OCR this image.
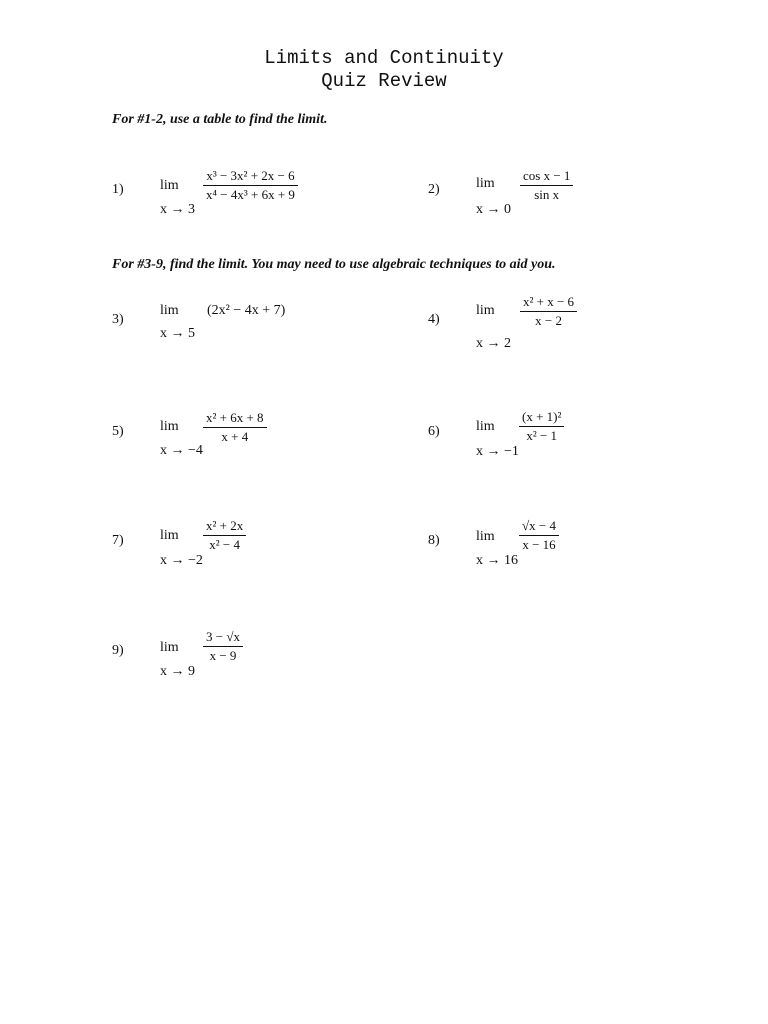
Limits and Continuity
Quiz Review
For #1-2, use a table to find the limit.
1)	lim
x → 3
$\frac{\text{x³ − 3x² + 2x − 6}}{\text{x⁴ − 4x³ + 6x + 9}}$	2)	lim
x → 0
$\frac{\text{cos x − 1}}{\text{sin x}}$
For #3-9, find the limit. You may need to use algebraic techniques to aid you.
3)
lim
x → 5
(2x² − 4x + 7)
4)
lim
x → 2
$\frac{\text{x² + x − 6}}{x - 2}$
5)	lim
x → −4
$\frac{\text{x² + 6x + 8}}{x + 4}$	6)	lim
x → −1
$\frac{\text{(x + 1)²}}{\text{x² − 1}}$
7)	lim
x → −2
$\frac{\text{x² + 2x}}{\text{x² − 4}}$	8)	lim
x → 16
$\frac{√x - 4}{x - 16}$
9)	lim
x → 9
$\frac{3 - √x}{x - 9}$
